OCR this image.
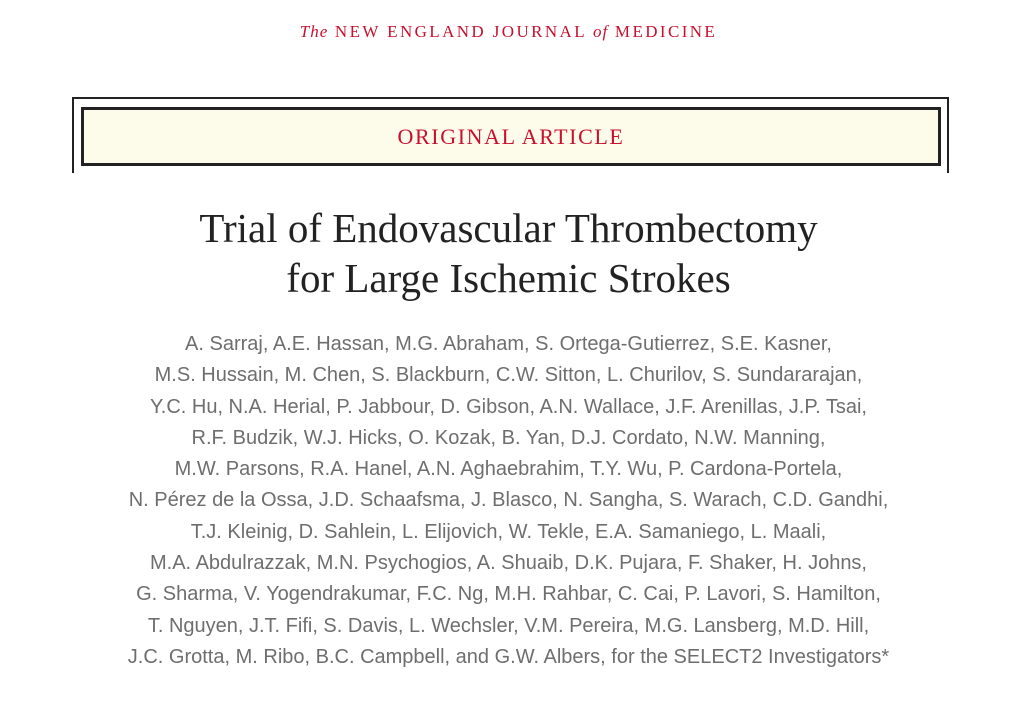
The NEW ENGLAND JOURNAL of MEDICINE
ORIGINAL ARTICLE
Trial of Endovascular Thrombectomy
for Large Ischemic Strokes
A. Sarraj, A.E. Hassan, M.G. Abraham, S. Ortega-Gutierrez, S.E. Kasner,
M.S. Hussain, M. Chen, S. Blackburn, C.W. Sitton, L. Churilov, S. Sundararajan,
Y.C. Hu, N.A. Herial, P. Jabbour, D. Gibson, A.N. Wallace, J.F. Arenillas, J.P. Tsai,
R.F. Budzik, W.J. Hicks, O. Kozak, B. Yan, D.J. Cordato, N.W. Manning,
M.W. Parsons, R.A. Hanel, A.N. Aghaebrahim, T.Y. Wu, P. Cardona-Portela,
N. Pérez de la Ossa, J.D. Schaafsma, J. Blasco, N. Sangha, S. Warach, C.D. Gandhi,
T.J. Kleinig, D. Sahlein, L. Elijovich, W. Tekle, E.A. Samaniego, L. Maali,
M.A. Abdulrazzak, M.N. Psychogios, A. Shuaib, D.K. Pujara, F. Shaker, H. Johns,
G. Sharma, V. Yogendrakumar, F.C. Ng, M.H. Rahbar, C. Cai, P. Lavori, S. Hamilton,
T. Nguyen, J.T. Fifi, S. Davis, L. Wechsler, V.M. Pereira, M.G. Lansberg, M.D. Hill,
J.C. Grotta, M. Ribo, B.C. Campbell, and G.W. Albers, for the SELECT2 Investigators*
